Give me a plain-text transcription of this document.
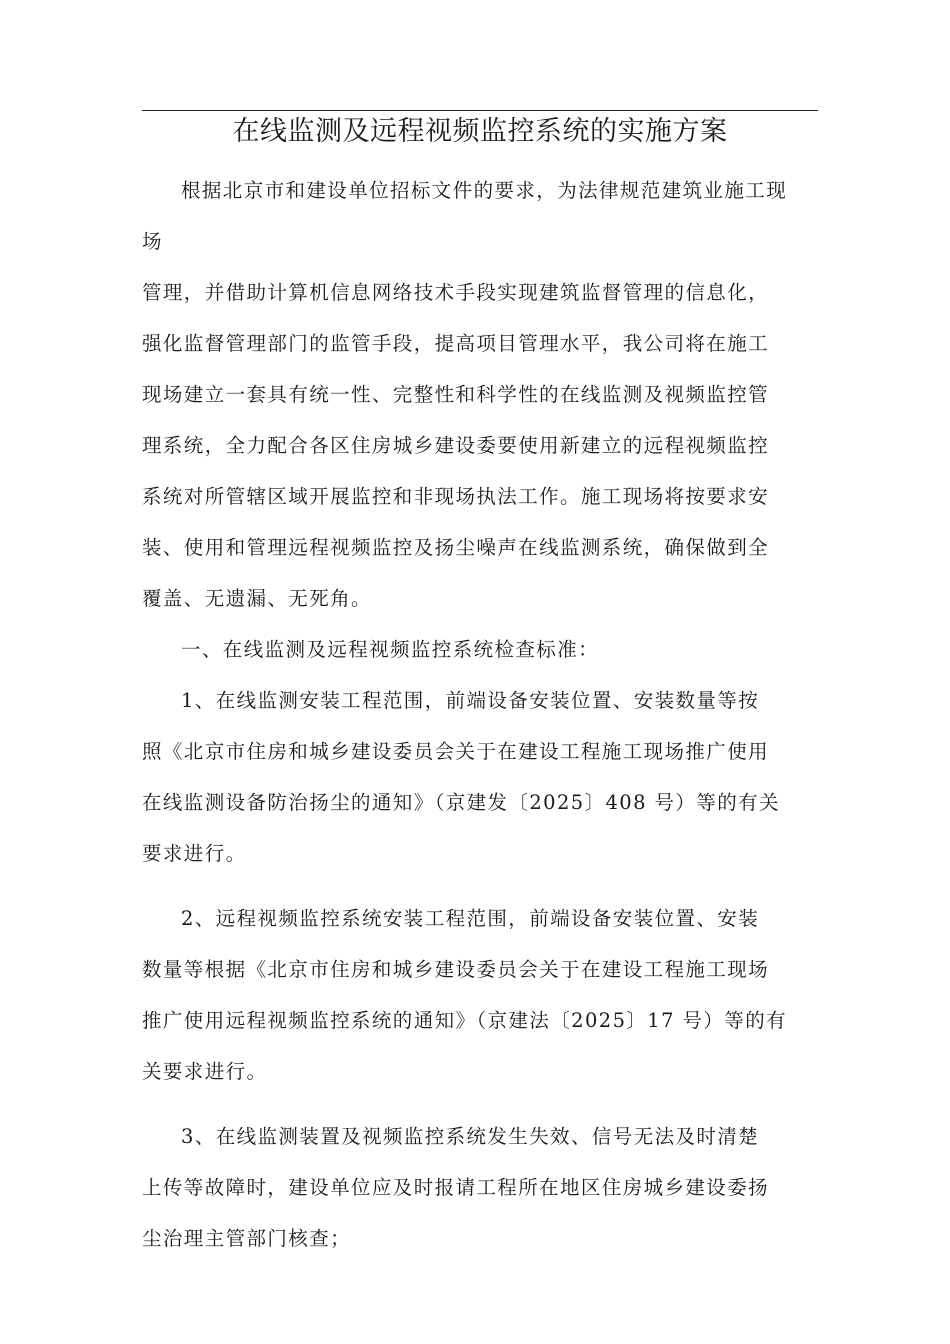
在线监测及远程视频监控系统的实施方案
根据北京市和建设单位招标文件的要求，为法律规范建筑业施工现
场
管理，并借助计算机信息网络技术手段实现建筑监督管理的信息化，
强化监督管理部门的监管手段，提高项目管理水平，我公司将在施工
现场建立一套具有统一性、完整性和科学性的在线监测及视频监控管
理系统，全力配合各区住房城乡建设委要使用新建立的远程视频监控
系统对所管辖区域开展监控和非现场执法工作。施工现场将按要求安
装、使用和管理远程视频监控及扬尘噪声在线监测系统，确保做到全
覆盖、无遗漏、无死角。
一、在线监测及远程视频监控系统检查标准：
1、在线监测安装工程范围，前端设备安装位置、安装数量等按
照《北京市住房和城乡建设委员会关于在建设工程施工现场推广使用
在线监测设备防治扬尘的通知》（京建发〔2025〕408 号）等的有关
要求进行。
2、远程视频监控系统安装工程范围，前端设备安装位置、安装
数量等根据《北京市住房和城乡建设委员会关于在建设工程施工现场
推广使用远程视频监控系统的通知》（京建法〔2025〕17 号）等的有
关要求进行。
3、在线监测装置及视频监控系统发生失效、信号无法及时清楚
上传等故障时，建设单位应及时报请工程所在地区住房城乡建设委扬
尘治理主管部门核查；
